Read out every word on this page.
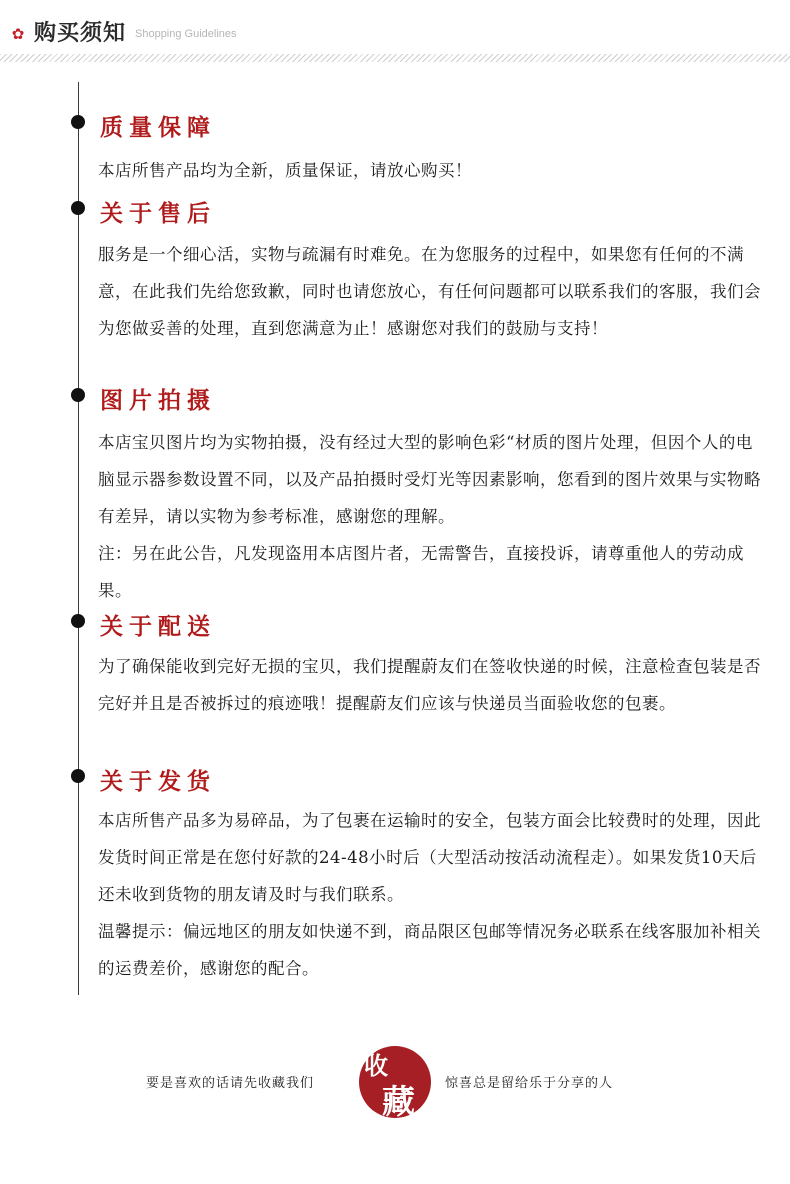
✿ 购买须知 Shopping Guidelines
质量保障

本店所售产品均为全新，质量保证，请放心购买！

关于售后

服务是一个细心活，实物与疏漏有时难免。在为您服务的过程中，如果您有任何的不满意，在此我们先给您致歉，同时也请您放心，有任何问题都可以联系我们的客服，我们会为您做妥善的处理，直到您满意为止！感谢您对我们的鼓励与支持！

图片拍摄

本店宝贝图片均为实物拍摄，没有经过大型的影响色彩“材质的图片处理，但因个人的电脑显示器参数设置不同，以及产品拍摄时受灯光等因素影响，您看到的图片效果与实物略有差异，请以实物为参考标准，感谢您的理解。

注：另在此公告，凡发现盗用本店图片者，无需警告，直接投诉，请尊重他人的劳动成果。

关于配送

为了确保能收到完好无损的宝贝，我们提醒蔚友们在签收快递的时候，注意检查包装是否完好并且是否被拆过的痕迹哦！提醒蔚友们应该与快递员当面验收您的包裹。

关于发货

本店所售产品多为易碎品，为了包裹在运输时的安全，包装方面会比较费时的处理，因此发货时间正常是在您付好款的24-48小时后（大型活动按活动流程走）。如果发货10天后还未收到货物的朋友请及时与我们联系。

温馨提示：偏远地区的朋友如快递不到，商品限区包邮等情况务必联系在线客服加补相关的运费差价，感谢您的配合。

要是喜欢的话请先收藏我们
收
藏 惊喜总是留给乐于分享的人
